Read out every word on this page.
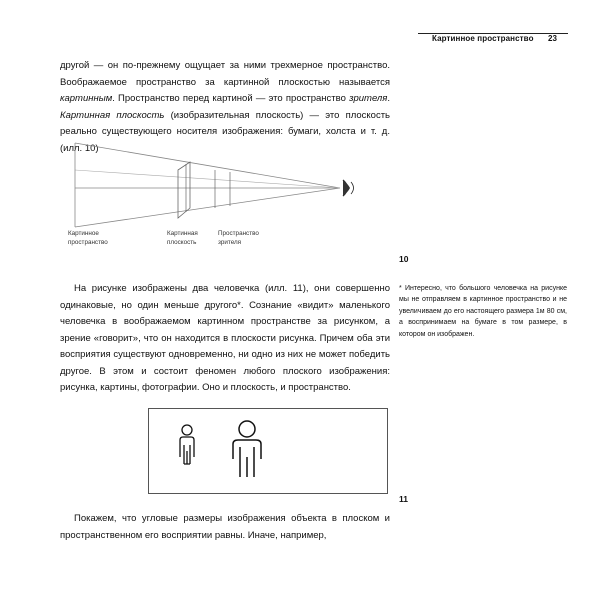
Картинное пространство 23
другой — он по-прежнему ощущает за ними трехмерное пространство. Воображаемое пространство за картинной плоскостью называется картинным. Пространство перед картиной — это пространство зрителя. Картинная плоскость (изобразительная плоскость) — это плоскость реально существующего носителя изображения: бумаги, холста и т. д. (илл. 10)
Картинное
пространство
Картинная
плоскость
Пространство
зрителя
10
* Интересно, что большого человечка на рисунке мы не отправляем в картинное пространство и не увеличиваем до его настоящего размера 1м 80 см, а воспринимаем на бумаге в том размере, в котором он изображен.
На рисунке изображены два человечка (илл. 11), они совершенно одинаковые, но один меньше другого*. Сознание «видит» маленького человечка в воображаемом картинном пространстве за рисунком, а зрение «говорит», что он находится в плоскости рисунка. Причем оба эти восприятия существуют одновременно, ни одно из них не может победить другое. В этом и состоит феномен любого плоского изображения: рисунка, картины, фотографии. Оно и плоскость, и пространство.
11
Покажем, что угловые размеры изображения объекта в плоском и пространственном его восприятии равны. Иначе, например,
